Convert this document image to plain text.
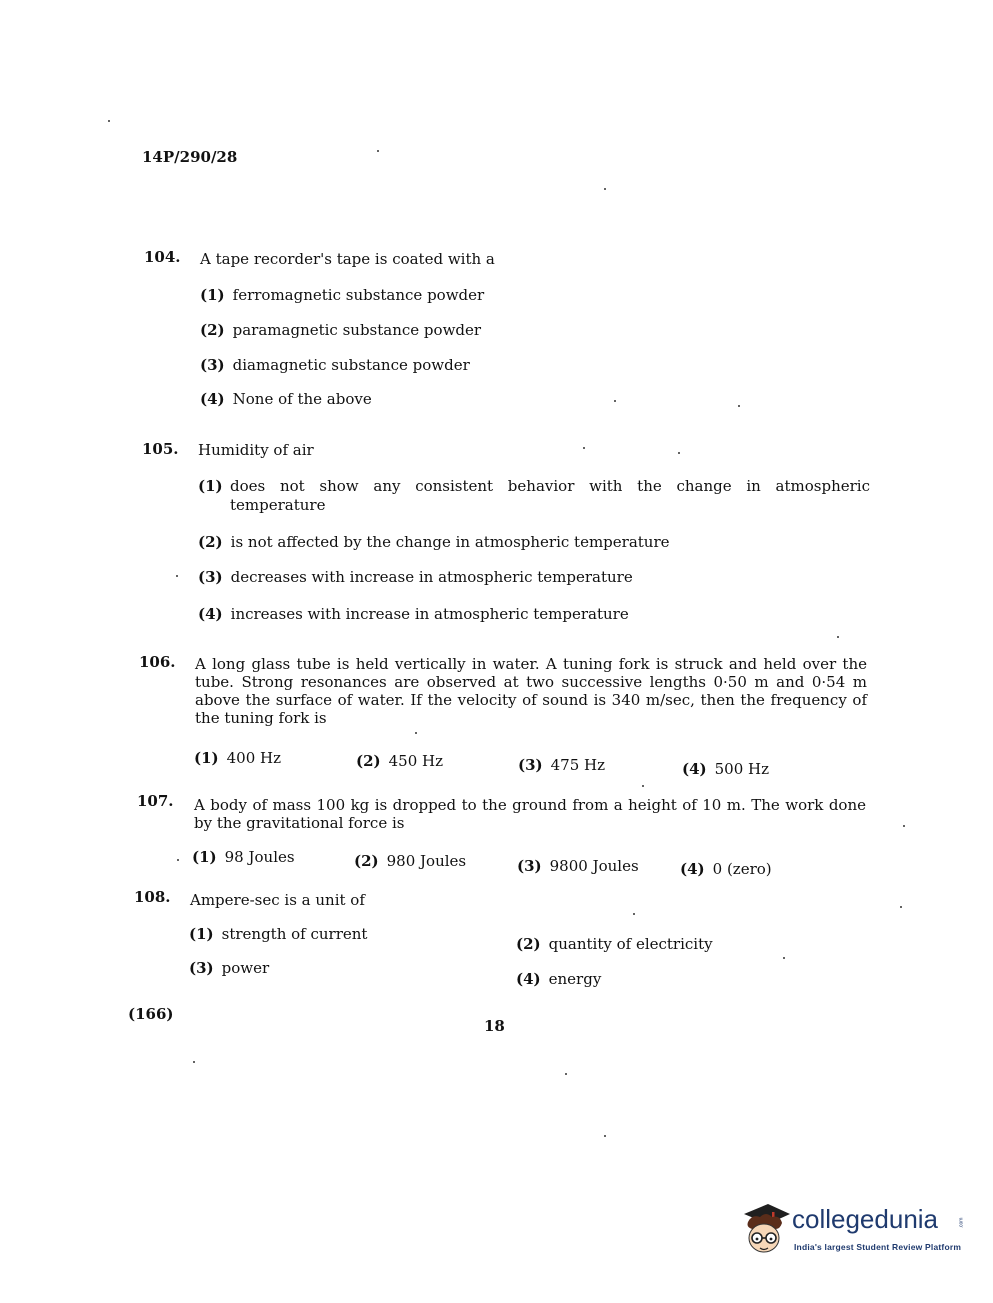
14P/290/28
104. A tape recorder's tape is coated with a
(1) ferromagnetic substance powder
(2) paramagnetic substance powder
(3) diamagnetic substance powder
(4) None of the above
105. Humidity of air
(1) does not show any consistent behavior with the change in atmospheric temperature
(2) is not affected by the change in atmospheric temperature
(3) decreases with increase in atmospheric temperature
(4) increases with increase in atmospheric temperature
106. A long glass tube is held vertically in water. A tuning fork is struck and held over the tube. Strong resonances are observed at two successive lengths 0·50 m and 0·54 m above the surface of water. If the velocity of sound is 340 m/sec, then the frequency of the tuning fork is
(1) 400 Hz	(2) 450 Hz	(3) 475 Hz	(4) 500 Hz
107. A body of mass 100 kg is dropped to the ground from a height of 10 m. The work done by the gravitational force is
(1) 98 Joules	(2) 980 Joules	(3) 9800 Joules	(4) 0 (zero)
108. Ampere-sec is a unit of
(1) strength of current
(2) quantity of electricity
(3) power
(4) energy
(166)
18
collegedunia	.com
India's largest Student Review Platform
